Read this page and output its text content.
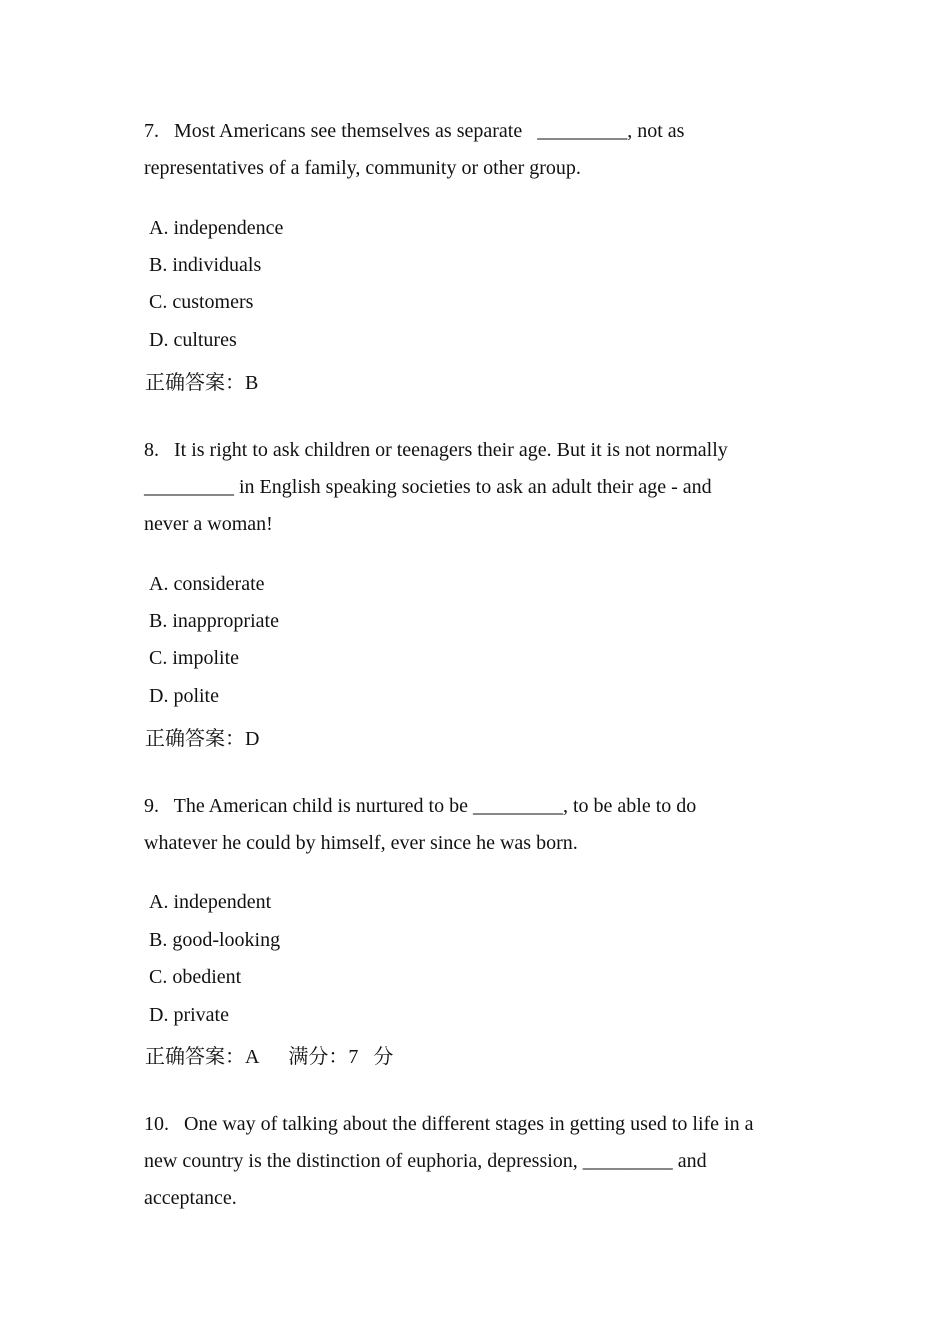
7.   Most Americans see themselves as separate   _________, not as
representatives of a family, community or other group.
A. independence
B. individuals
C. customers
D. cultures
正确答案：B
8.   It is right to ask children or teenagers their age. But it is not normally
_________ in English speaking societies to ask an adult their age - and
never a woman!
A. considerate
B. inappropriate
C. impolite
D. polite
正确答案：D
9.   The American child is nurtured to be _________, to be able to do
whatever he could by himself, ever since he was born.
A. independent
B. good-looking
C. obedient
D. private
正确答案：A      满分：7   分
10.   One way of talking about the different stages in getting used to life in a
new country is the distinction of euphoria, depression, _________ and
acceptance.
